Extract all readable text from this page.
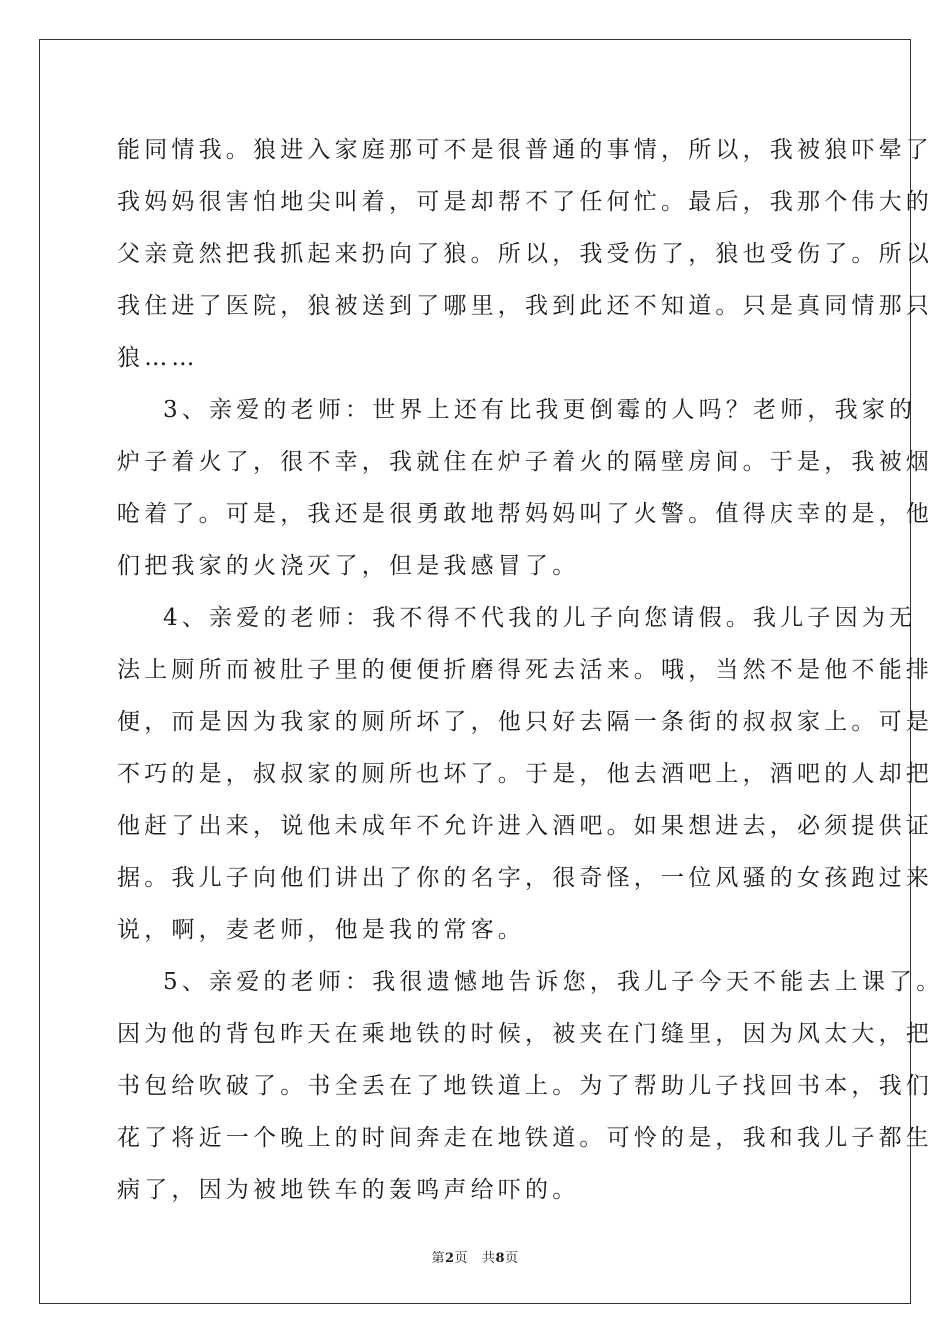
能同情我。狼进入家庭那可不是很普通的事情，所以，我被狼吓晕了
我妈妈很害怕地尖叫着，可是却帮不了任何忙。最后，我那个伟大的
父亲竟然把我抓起来扔向了狼。所以，我受伤了，狼也受伤了。所以
我住进了医院，狼被送到了哪里，我到此还不知道。只是真同情那只
狼……
3、亲爱的老师：世界上还有比我更倒霉的人吗？老师，我家的
炉子着火了，很不幸，我就住在炉子着火的隔壁房间。于是，我被烟
呛着了。可是，我还是很勇敢地帮妈妈叫了火警。值得庆幸的是，他
们把我家的火浇灭了，但是我感冒了。
4、亲爱的老师：我不得不代我的儿子向您请假。我儿子因为无
法上厕所而被肚子里的便便折磨得死去活来。哦，当然不是他不能排
便，而是因为我家的厕所坏了，他只好去隔一条街的叔叔家上。可是
不巧的是，叔叔家的厕所也坏了。于是，他去酒吧上，酒吧的人却把
他赶了出来，说他未成年不允许进入酒吧。如果想进去，必须提供证
据。我儿子向他们讲出了你的名字，很奇怪，一位风骚的女孩跑过来
说，啊，麦老师，他是我的常客。
5、亲爱的老师：我很遗憾地告诉您，我儿子今天不能去上课了。
因为他的背包昨天在乘地铁的时候，被夹在门缝里，因为风太大，把
书包给吹破了。书全丢在了地铁道上。为了帮助儿子找回书本，我们
花了将近一个晚上的时间奔走在地铁道。可怜的是，我和我儿子都生
病了，因为被地铁车的轰鸣声给吓的。
第2页 共8页
